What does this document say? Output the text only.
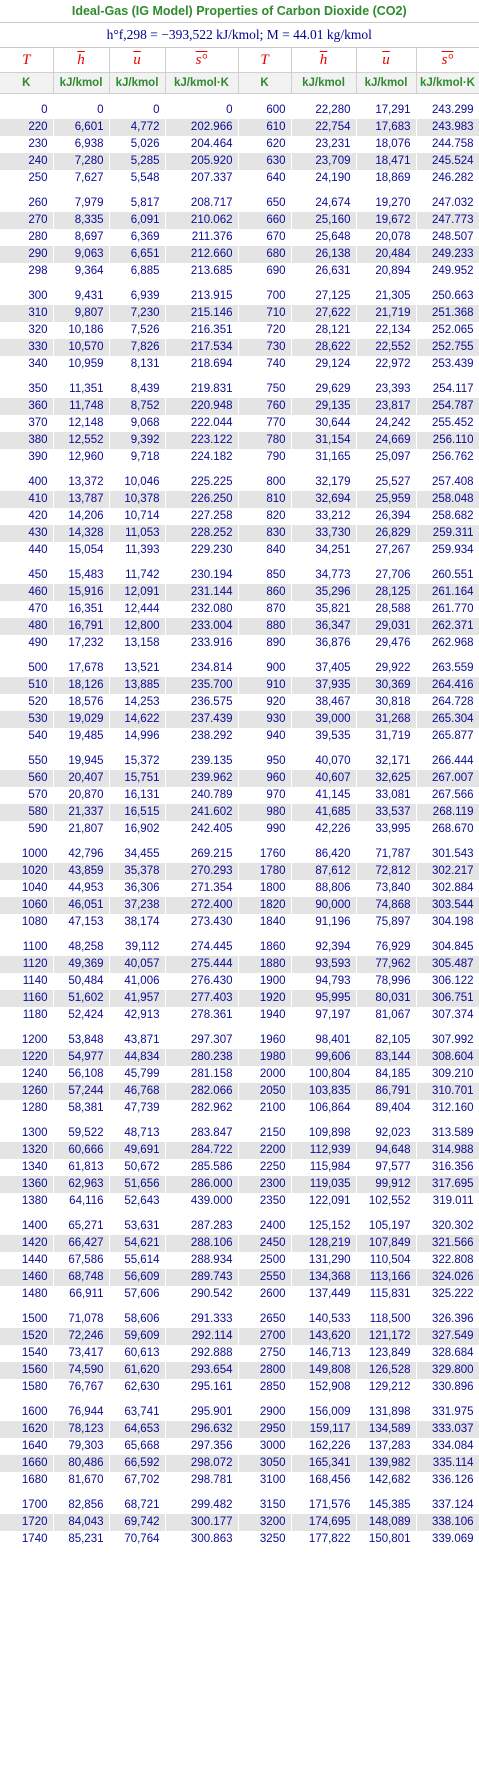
Ideal-Gas (IG Model) Properties of Carbon Dioxide (CO2)							
h°f,298 = −393,522 kJ/kmol; M = 44.01 kg/kmol							
T	$\overline{h}$	$\overline{u}$	s°	T	$\overline{h}$	$\overline{u}$	s°
K	kJ/kmol	kJ/kmol	kJ/kmol·K	K	kJ/kmol	kJ/kmol	kJ/kmol·K

0	0	0	0	600	22,280	17,291	243.299
220	6,601	4,772	202.966	610	22,754	17,683	243.983
230	6,938	5,026	204.464	620	23,231	18,076	244.758
240	7,280	5,285	205.920	630	23,709	18,471	245.524
250	7,627	5,548	207.337	640	24,190	18,869	246.282

260	7,979	5,817	208.717	650	24,674	19,270	247.032
270	8,335	6,091	210.062	660	25,160	19,672	247.773
280	8,697	6,369	211.376	670	25,648	20,078	248.507
290	9,063	6,651	212.660	680	26,138	20,484	249.233
298	9,364	6,885	213.685	690	26,631	20,894	249.952

300	9,431	6,939	213.915	700	27,125	21,305	250.663
310	9,807	7,230	215.146	710	27,622	21,719	251.368
320	10,186	7,526	216.351	720	28,121	22,134	252.065
330	10,570	7,826	217.534	730	28,622	22,552	252.755
340	10,959	8,131	218.694	740	29,124	22,972	253.439

350	11,351	8,439	219.831	750	29,629	23,393	254.117
360	11,748	8,752	220.948	760	29,135	23,817	254.787
370	12,148	9,068	222.044	770	30,644	24,242	255.452
380	12,552	9,392	223.122	780	31,154	24,669	256.110
390	12,960	9,718	224.182	790	31,165	25,097	256.762

400	13,372	10,046	225.225	800	32,179	25,527	257.408
410	13,787	10,378	226.250	810	32,694	25,959	258.048
420	14,206	10,714	227.258	820	33,212	26,394	258.682
430	14,328	11,053	228.252	830	33,730	26,829	259.311
440	15,054	11,393	229.230	840	34,251	27,267	259.934

450	15,483	11,742	230.194	850	34,773	27,706	260.551
460	15,916	12,091	231.144	860	35,296	28,125	261.164
470	16,351	12,444	232.080	870	35,821	28,588	261.770
480	16,791	12,800	233.004	880	36,347	29,031	262.371
490	17,232	13,158	233.916	890	36,876	29,476	262.968

500	17,678	13,521	234.814	900	37,405	29,922	263.559
510	18,126	13,885	235.700	910	37,935	30,369	264.416
520	18,576	14,253	236.575	920	38,467	30,818	264.728
530	19,029	14,622	237.439	930	39,000	31,268	265.304
540	19,485	14,996	238.292	940	39,535	31,719	265.877

550	19,945	15,372	239.135	950	40,070	32,171	266.444
560	20,407	15,751	239.962	960	40,607	32,625	267.007
570	20,870	16,131	240.789	970	41,145	33,081	267.566
580	21,337	16,515	241.602	980	41,685	33,537	268.119
590	21,807	16,902	242.405	990	42,226	33,995	268.670

1000	42,796	34,455	269.215	1760	86,420	71,787	301.543
1020	43,859	35,378	270.293	1780	87,612	72,812	302.217
1040	44,953	36,306	271.354	1800	88,806	73,840	302.884
1060	46,051	37,238	272.400	1820	90,000	74,868	303.544
1080	47,153	38,174	273.430	1840	91,196	75,897	304.198

1100	48,258	39,112	274.445	1860	92,394	76,929	304.845
1120	49,369	40,057	275.444	1880	93,593	77,962	305.487
1140	50,484	41,006	276.430	1900	94,793	78,996	306.122
1160	51,602	41,957	277.403	1920	95,995	80,031	306.751
1180	52,424	42,913	278.361	1940	97,197	81,067	307.374

1200	53,848	43,871	297.307	1960	98,401	82,105	307.992
1220	54,977	44,834	280.238	1980	99,606	83,144	308.604
1240	56,108	45,799	281.158	2000	100,804	84,185	309.210
1260	57,244	46,768	282.066	2050	103,835	86,791	310.701
1280	58,381	47,739	282.962	2100	106,864	89,404	312.160

1300	59,522	48,713	283.847	2150	109,898	92,023	313.589
1320	60,666	49,691	284.722	2200	112,939	94,648	314.988
1340	61,813	50,672	285.586	2250	115,984	97,577	316.356
1360	62,963	51,656	286.000	2300	119,035	99,912	317.695
1380	64,116	52,643	439.000	2350	122,091	102,552	319.011

1400	65,271	53,631	287.283	2400	125,152	105,197	320.302
1420	66,427	54,621	288.106	2450	128,219	107,849	321.566
1440	67,586	55,614	288.934	2500	131,290	110,504	322.808
1460	68,748	56,609	289.743	2550	134,368	113,166	324.026
1480	66,911	57,606	290.542	2600	137,449	115,831	325.222

1500	71,078	58,606	291.333	2650	140,533	118,500	326.396
1520	72,246	59,609	292.114	2700	143,620	121,172	327.549
1540	73,417	60,613	292.888	2750	146,713	123,849	328.684
1560	74,590	61,620	293.654	2800	149,808	126,528	329.800
1580	76,767	62,630	295.161	2850	152,908	129,212	330.896

1600	76,944	63,741	295.901	2900	156,009	131,898	331.975
1620	78,123	64,653	296.632	2950	159,117	134,589	333.037
1640	79,303	65,668	297.356	3000	162,226	137,283	334.084
1660	80,486	66,592	298.072	3050	165,341	139,982	335.114
1680	81,670	67,702	298.781	3100	168,456	142,682	336.126

1700	82,856	68,721	299.482	3150	171,576	145,385	337.124
1720	84,043	69,742	300.177	3200	174,695	148,089	338.106
1740	85,231	70,764	300.863	3250	177,822	150,801	339.069
